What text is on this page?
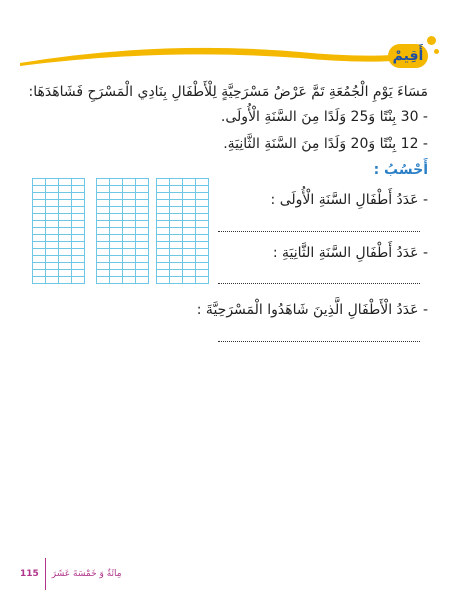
أَقِيمْ
مَسَاءَ يَوْمِ الْجُمُعَةِ تَمَّ عَرْضُ مَسْرَحِيَّةٍ لِلْأَطْفَالِ بِنَادِي الْمَسْرَحِ فَشَاهَدَهَا:
- 30 بِنْتًا وَ25 وَلَدًا مِنَ السَّنَةِ الْأُولَى.
- 12 بِنْتًا وَ20 وَلَدًا مِنَ السَّنَةِ الثَّانِيَةِ.
أَحْسُبُ :
- عَدَدُ أَطْفَالِ السَّنَةِ الْأُولَى :
- عَدَدُ أَطْفَالِ السَّنَةِ الثَّانِيَةِ :
- عَدَدُ الْأَطْفَالِ الَّذِينَ شَاهَدُوا الْمَسْرَحِيَّةَ :
115 مِائَةٌ وَ خَمْسَةَ عَشَرَ
